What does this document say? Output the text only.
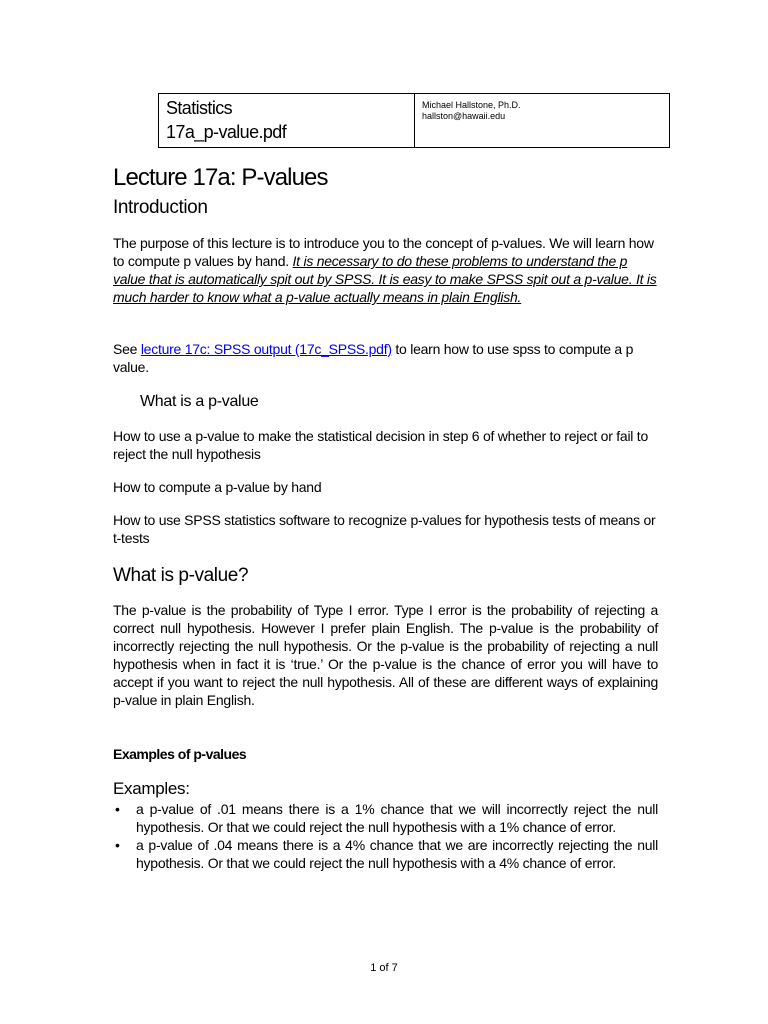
Statistics
17a_p-value.pdf
Michael Hallstone, Ph.D.
hallston@hawaii.edu
Lecture 17a: P-values
Introduction

The purpose of this lecture is to introduce you to the concept of p-values. We will learn how to compute p values by hand. It is necessary to do these problems to understand the p value that is automatically spit out by SPSS. It is easy to make SPSS spit out a p-value. It is much harder to know what a p-value actually means in plain English.

See lecture 17c: SPSS output (17c_SPSS.pdf) to learn how to use spss to compute a p value.

What is a p-value

How to use a p-value to make the statistical decision in step 6 of whether to reject or fail to reject the null hypothesis

How to compute a p-value by hand

How to use SPSS statistics software to recognize p-values for hypothesis tests of means or t-tests

What is p-value?

The p-value is the probability of Type I error. Type I error is the probability of rejecting a correct null hypothesis. However I prefer plain English. The p-value is the probability of incorrectly rejecting the null hypothesis. Or the p-value is the probability of rejecting a null hypothesis when in fact it is ‘true.’ Or the p-value is the chance of error you will have to accept if you want to reject the null hypothesis. All of these are different ways of explaining p-value in plain English.

Examples of p-values
Examples:
• a p-value of .01 means there is a 1% chance that we will incorrectly reject the null hypothesis. Or that we could reject the null hypothesis with a 1% chance of error.
• a p-value of .04 means there is a 4% chance that we are incorrectly rejecting the null hypothesis. Or that we could reject the null hypothesis with a 4% chance of error.
1 of 7
